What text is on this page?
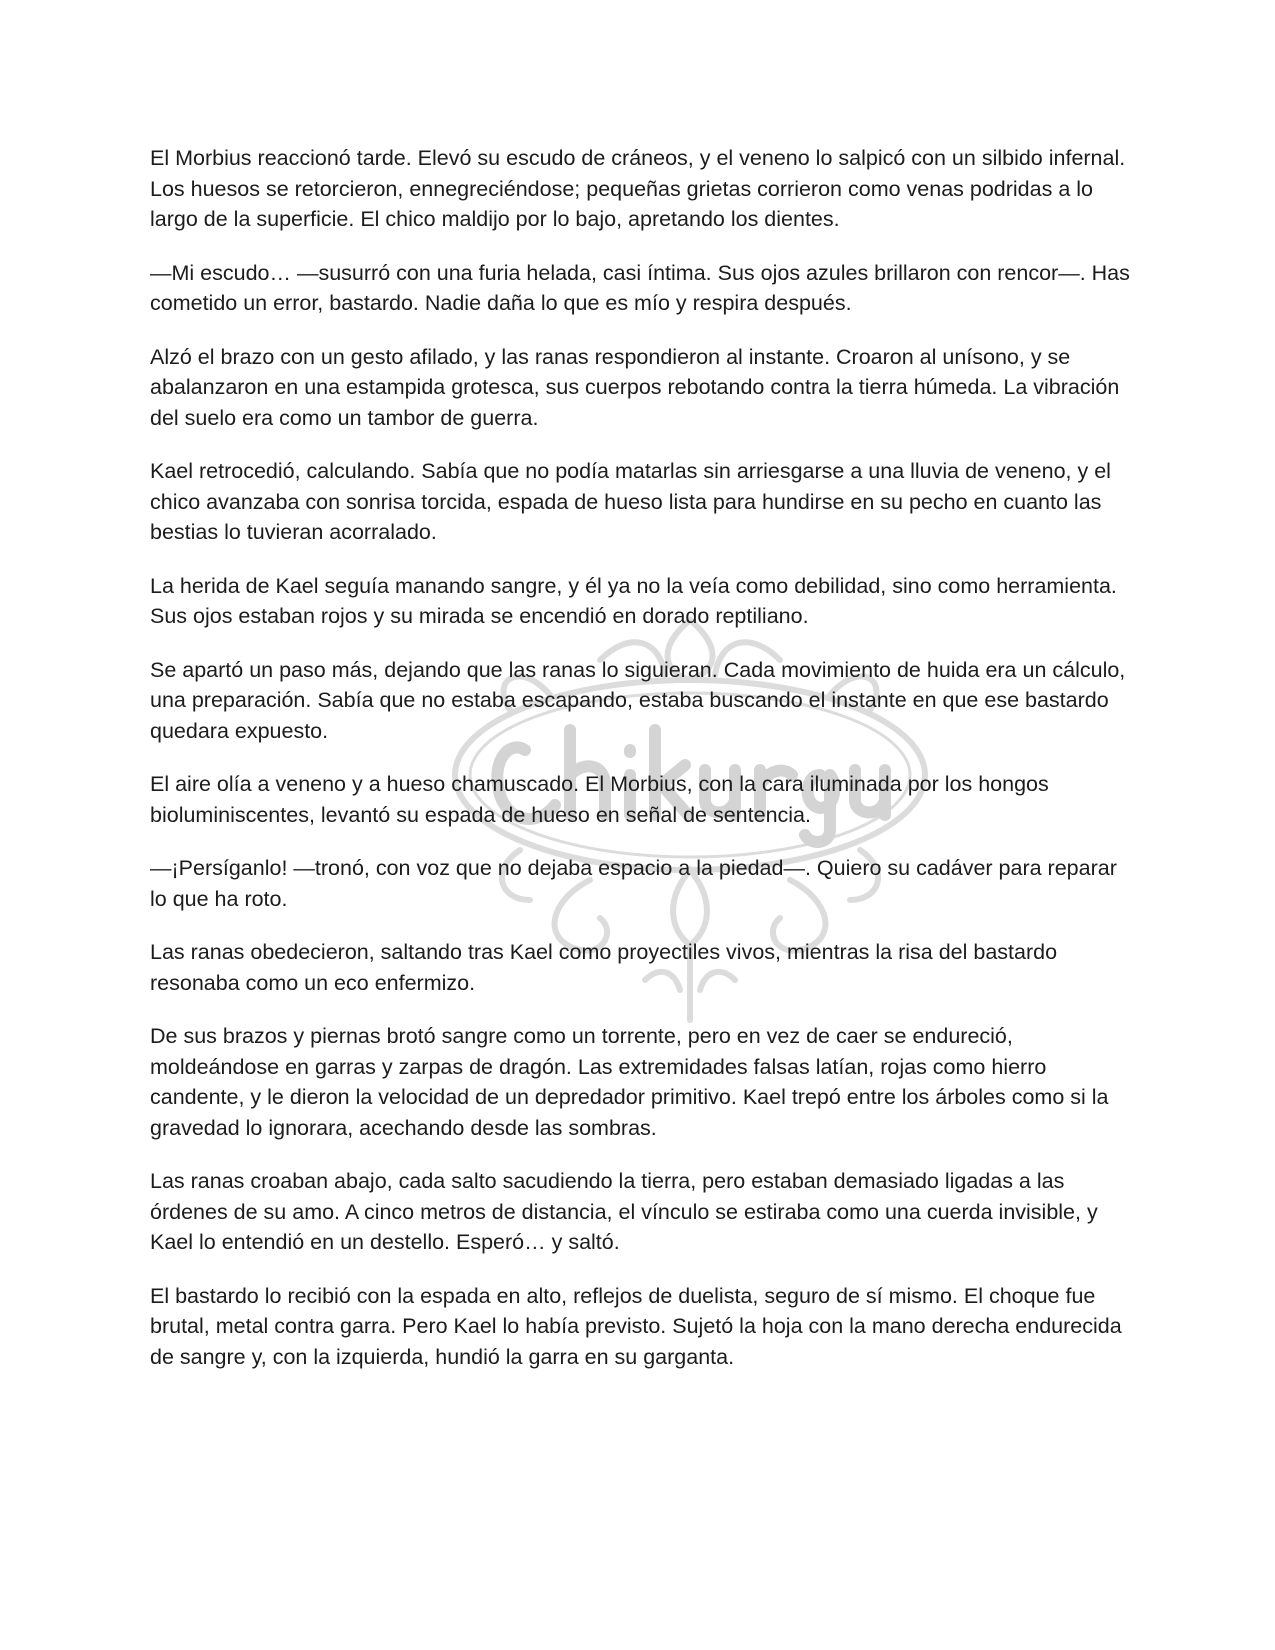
El Morbius reaccionó tarde. Elevó su escudo de cráneos, y el veneno lo salpicó con un silbido infernal. Los huesos se retorcieron, ennegreciéndose; pequeñas grietas corrieron como venas podridas a lo largo de la superficie. El chico maldijo por lo bajo, apretando los dientes.

—Mi escudo… —susurró con una furia helada, casi íntima. Sus ojos azules brillaron con rencor—. Has cometido un error, bastardo. Nadie daña lo que es mío y respira después.

Alzó el brazo con un gesto afilado, y las ranas respondieron al instante. Croaron al unísono, y se abalanzaron en una estampida grotesca, sus cuerpos rebotando contra la tierra húmeda. La vibración del suelo era como un tambor de guerra.

Kael retrocedió, calculando. Sabía que no podía matarlas sin arriesgarse a una lluvia de veneno, y el chico avanzaba con sonrisa torcida, espada de hueso lista para hundirse en su pecho en cuanto las bestias lo tuvieran acorralado.

La herida de Kael seguía manando sangre, y él ya no la veía como debilidad, sino como herramienta. Sus ojos estaban rojos y su mirada se encendió en dorado reptiliano.

Se apartó un paso más, dejando que las ranas lo siguieran. Cada movimiento de huida era un cálculo, una preparación. Sabía que no estaba escapando, estaba buscando el instante en que ese bastardo quedara expuesto.

El aire olía a veneno y a hueso chamuscado. El Morbius, con la cara iluminada por los hongos bioluminiscentes, levantó su espada de hueso en señal de sentencia.

—¡Persíganlo! —tronó, con voz que no dejaba espacio a la piedad—. Quiero su cadáver para reparar lo que ha roto.

Las ranas obedecieron, saltando tras Kael como proyectiles vivos, mientras la risa del bastardo resonaba como un eco enfermizo.

De sus brazos y piernas brotó sangre como un torrente, pero en vez de caer se endureció, moldeándose en garras y zarpas de dragón. Las extremidades falsas latían, rojas como hierro candente, y le dieron la velocidad de un depredador primitivo. Kael trepó entre los árboles como si la gravedad lo ignorara, acechando desde las sombras.

Las ranas croaban abajo, cada salto sacudiendo la tierra, pero estaban demasiado ligadas a las órdenes de su amo. A cinco metros de distancia, el vínculo se estiraba como una cuerda invisible, y Kael lo entendió en un destello. Esperó… y saltó.

El bastardo lo recibió con la espada en alto, reflejos de duelista, seguro de sí mismo. El choque fue brutal, metal contra garra. Pero Kael lo había previsto. Sujetó la hoja con la mano derecha endurecida de sangre y, con la izquierda, hundió la garra en su garganta.
